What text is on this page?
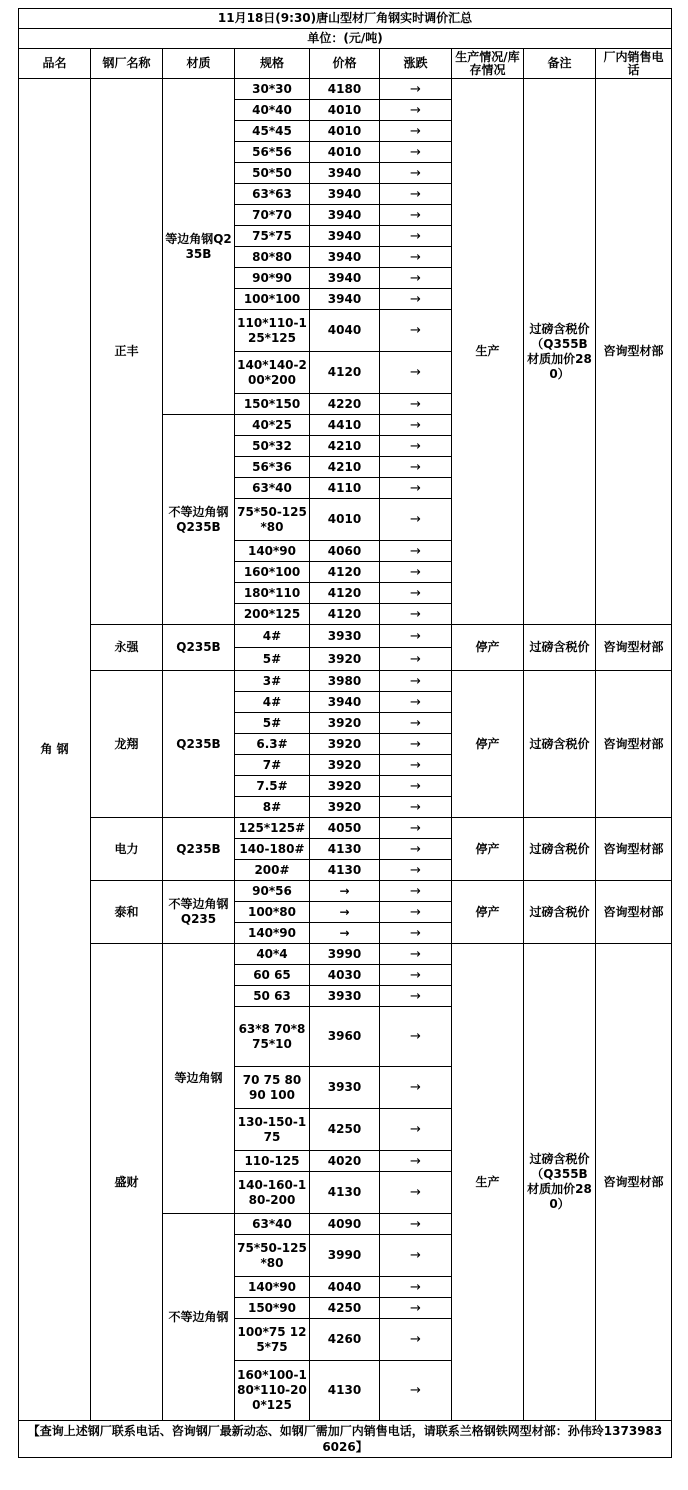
11月18日(9:30)唐山型材厂角钢实时调价汇总								
单位：(元/吨)								
品名	钢厂名称	材质	规格	价格	涨跌	生产情况/库存情况	备注	厂内销售电话
角 钢	正丰	等边角钢Q235B	30*30	4180	→	生产	过磅含税价（Q355B材质加价280）	咨询型材部
			40*40	4010	→			
			45*45	4010	→			
			56*56	4010	→			
			50*50	3940	→			
			63*63	3940	→			
			70*70	3940	→			
			75*75	3940	→			
			80*80	3940	→			
			90*90	3940	→			
			100*100	3940	→			
			110*110-125*125	4040	→			
			140*140-200*200	4120	→			
			150*150	4220	→			
		不等边角钢Q235B	40*25	4410	→			
			50*32	4210	→			
			56*36	4210	→			
			63*40	4110	→			
			75*50-125*80	4010	→			
			140*90	4060	→			
			160*100	4120	→			
			180*110	4120	→			
			200*125	4120	→			
	永强	Q235B	4#	3930	→	停产	过磅含税价	咨询型材部
			5#	3920	→			
	龙翔	Q235B	3#	3980	→	停产	过磅含税价	咨询型材部
			4#	3940	→			
			5#	3920	→			
			6.3#	3920	→			
			7#	3920	→			
			7.5#	3920	→			
			8#	3920	→			
	电力	Q235B	125*125#	4050	→	停产	过磅含税价	咨询型材部
			140-180#	4130	→			
			200#	4130	→			
	泰和	不等边角钢Q235	90*56	→	→	停产	过磅含税价	咨询型材部
			100*80	→	→			
			140*90	→	→			
	盛财	等边角钢	40*4	3990	→	生产	过磅含税价（Q355B材质加价280）	咨询型材部
			60 65	4030	→			
			50 63	3930	→			
			63*8 70*8 75*10	3960	→			
			70 75 80 90 100	3930	→			
			130-150-175	4250	→			
			110-125	4020	→			
			140-160-180-200	4130	→			
		不等边角钢	63*40	4090	→			
			75*50-125*80	3990	→			
			140*90	4040	→			
			150*90	4250	→			
			100*75 125*75	4260	→			
			160*100-180*110-200*125	4130	→			
【查询上述钢厂联系电话、咨询钢厂最新动态、如钢厂需加厂内销售电话，请联系兰格钢铁网型材部：孙伟玲13739836026】								
